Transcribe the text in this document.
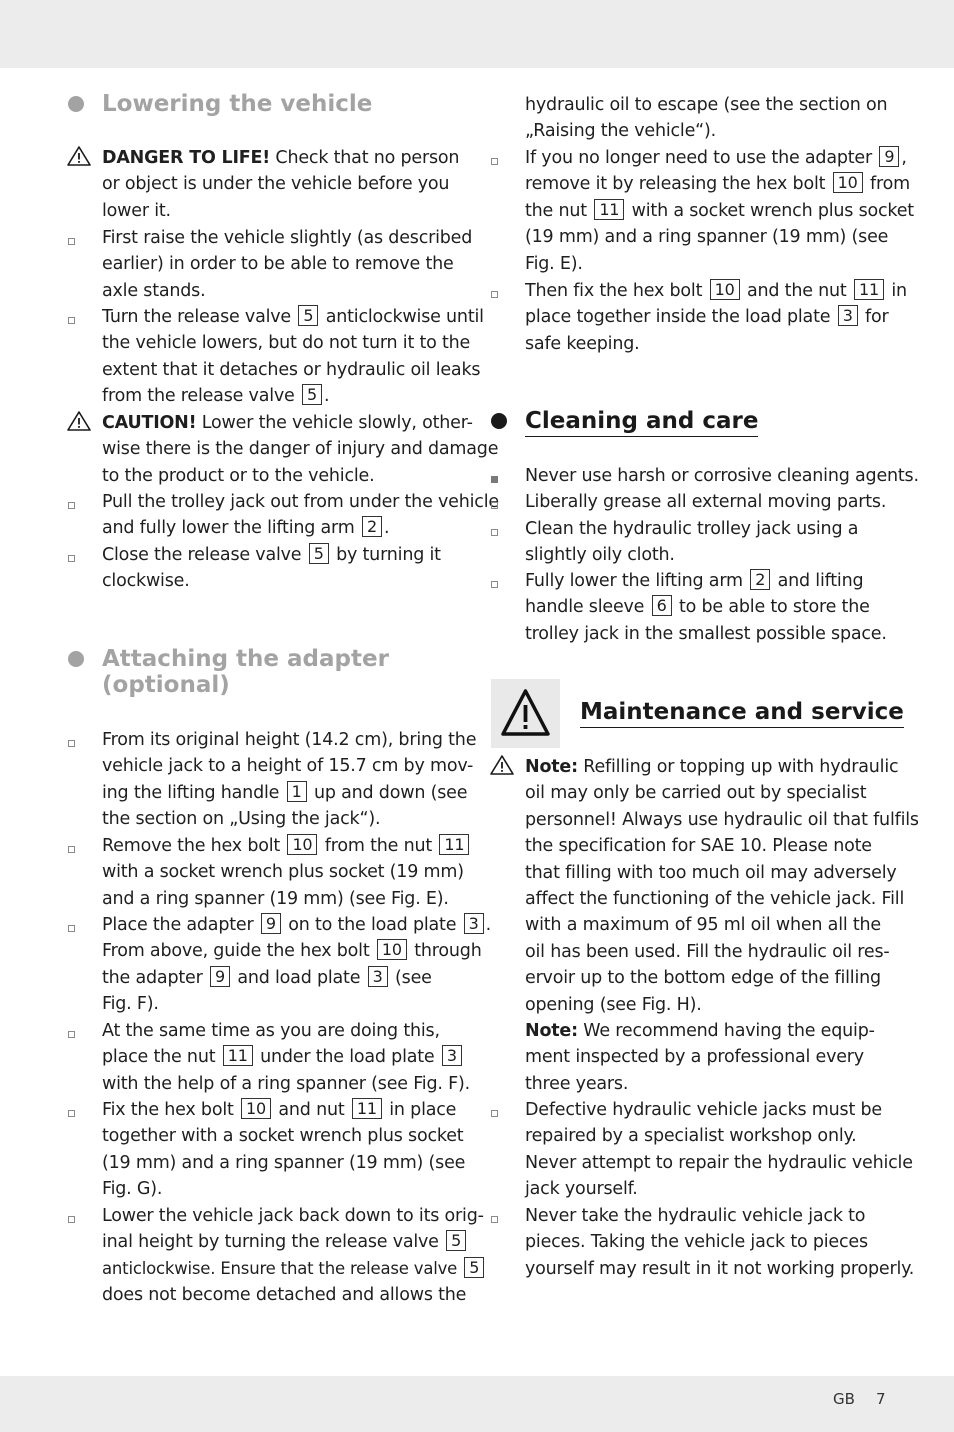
Lowering the vehicle
DANGER TO LIFE! Check that no person
or object is under the vehicle before you
lower it.
First raise the vehicle slightly (as described
earlier) in order to be able to remove the
axle stands.
Turn the release valve 5 anticlockwise until
the vehicle lowers, but do not turn it to the
extent that it detaches or hydraulic oil leaks
from the release valve 5 .
CAUTION! Lower the vehicle slowly, other-
wise there is the danger of injury and damage
to the product or to the vehicle.
Pull the trolley jack out from under the vehicle
and fully lower the lifting arm 2 .
Close the release valve 5 by turning it
clockwise.
Attaching the adapter
(optional)
From its original height (14.2 cm), bring the
vehicle jack to a height of 15.7 cm by mov-
ing the lifting handle 1 up and down (see
the section on „Using the jack“).
Remove the hex bolt 10 from the nut 11
with a socket wrench plus socket (19 mm)
and a ring spanner (19 mm) (see Fig. E).
Place the adapter 9 on to the load plate 3 .
From above, guide the hex bolt 10 through
the adapter 9 and load plate 3 (see
Fig. F).
At the same time as you are doing this,
place the nut 11 under the load plate 3
with the help of a ring spanner (see Fig. F).
Fix the hex bolt 10 and nut 11 in place
together with a socket wrench plus socket
(19 mm) and a ring spanner (19 mm) (see
Fig. G).
Lower the vehicle jack back down to its orig-
inal height by turning the release valve 5
anticlockwise. Ensure that the release valve 5
does not become detached and allows the
hydraulic oil to escape (see the section on
„Raising the vehicle“).
If you no longer need to use the adapter 9 ,
remove it by releasing the hex bolt 10 from
the nut 11 with a socket wrench plus socket
(19 mm) and a ring spanner (19 mm) (see
Fig. E).
Then fix the hex bolt 10 and the nut 11 in
place together inside the load plate 3 for
safe keeping.
Cleaning and care
Never use harsh or corrosive cleaning agents.
Liberally grease all external moving parts.
Clean the hydraulic trolley jack using a
slightly oily cloth.
Fully lower the lifting arm 2 and lifting
handle sleeve 6 to be able to store the
trolley jack in the smallest possible space.
Maintenance and service
Note: Refilling or topping up with hydraulic
oil may only be carried out by specialist
personnel! Always use hydraulic oil that fulfils
the specification for SAE 10. Please note
that filling with too much oil may adversely
affect the functioning of the vehicle jack. Fill
with a maximum of 95 ml oil when all the
oil has been used. Fill the hydraulic oil res-
ervoir up to the bottom edge of the filling
opening (see Fig. H).
Note: We recommend having the equip-
ment inspected by a professional every
three years.
Defective hydraulic vehicle jacks must be
repaired by a specialist workshop only.
Never attempt to repair the hydraulic vehicle
jack yourself.
Never take the hydraulic vehicle jack to
pieces. Taking the vehicle jack to pieces
yourself may result in it not working properly.
GB 7
